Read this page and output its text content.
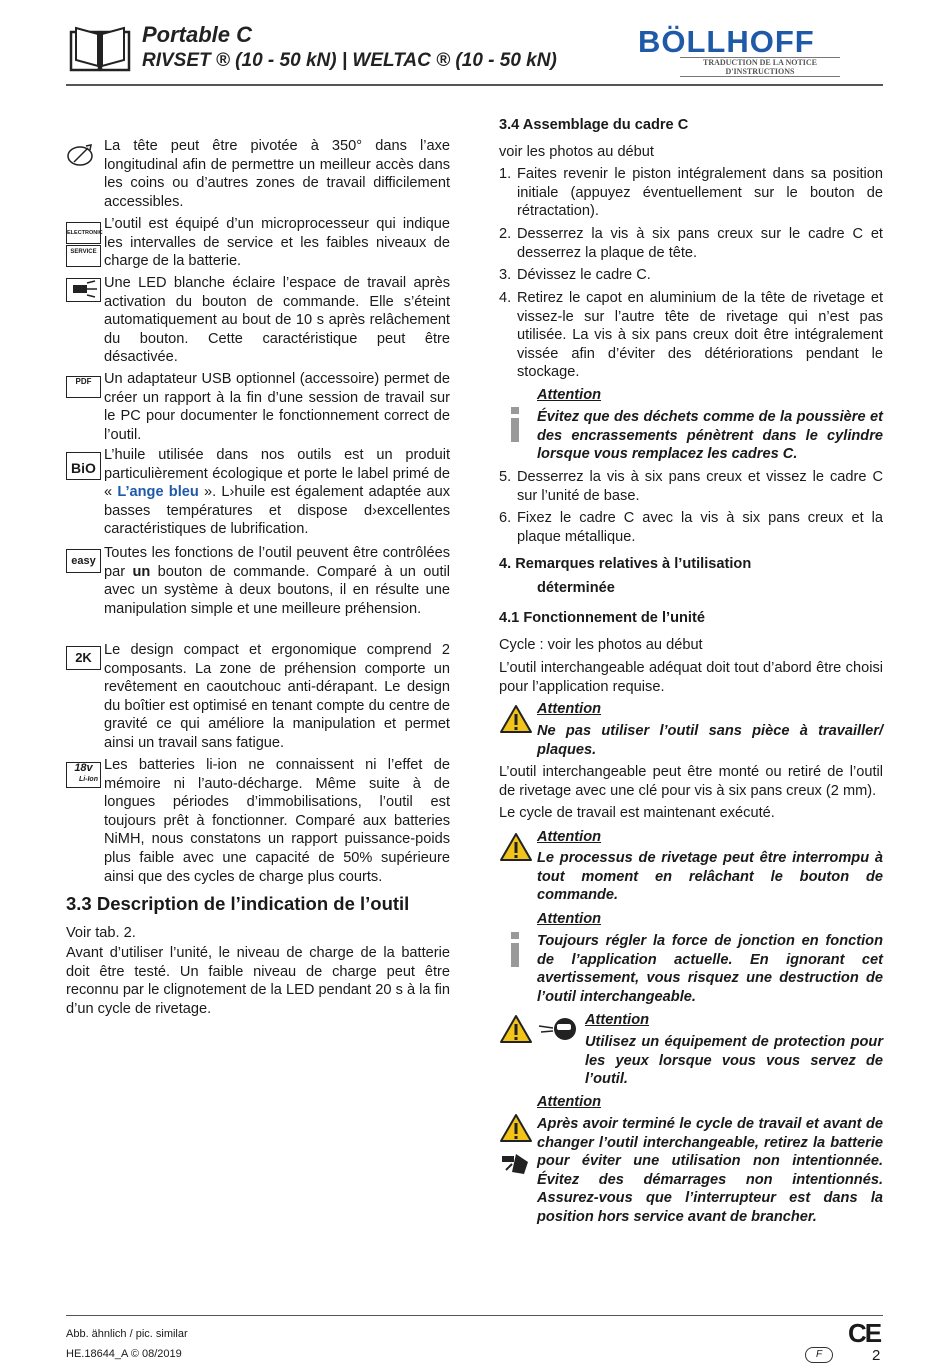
Portable C
RIVSET ® (10 - 50 kN) | WELTAC ® (10 - 50 kN)
BÖLLHOFF
TRADUCTION DE LA NOTICE
D'INSTRUCTIONS
La tête peut être pivotée à 350° dans l’axe longitudinal afin de permettre un meilleur accès dans les coins ou d’autres zones de travail difficilement accessibles.
ELECTRONIC
SERVICE
L’outil est équipé d’un microprocesseur qui indique les intervalles de service et les faibles niveaux de charge de la batterie.
Une LED blanche éclaire l’espace de travail après activation du bouton de commande. Elle s’éteint automatiquement au bout de 10 s après relâchement du bouton. Cette caractéristique peut être désactivée.
PDF Un adaptateur USB optionnel (accessoire) permet de créer un rapport à la fin d’une session de travail sur le PC pour documenter le fonctionnement correct de l’outil.
BiO
L’huile utilisée dans nos outils est un produit particulièrement écologique et porte le label primé de « L’ange bleu ». L›huile est également adaptée aux basses températures et dispose d›excellentes caractéristiques de lubrification.
easy Toutes les fonctions de l’outil peuvent être contrôlées par un bouton de commande. Comparé à un outil avec un système à deux boutons, il en résulte une manipulation simple et une meilleure préhension.
2K Le design compact et ergonomique comprend 2 composants. La zone de préhension comporte un revêtement en caoutchouc anti-dérapant. Le design du boîtier est optimisé en tenant compte du centre de gravité ce qui améliore la manipulation et permet ainsi un travail sans fatigue.
18v
Li-Ion
Les batteries li-ion ne connaissent ni l’effet de mémoire ni l’auto-décharge. Même suite à de longues périodes d’immobilisations, l’outil est toujours prêt à fonctionner. Comparé aux batteries NiMH, nous constatons un rapport puissance-poids plus faible avec une capacité de 50% supérieure ainsi que des cycles de charge plus courts.
3.3 Description de l’indication de l’outil
Voir tab. 2.
Avant d’utiliser l’unité, le niveau de charge de la batterie doit être testé. Un faible niveau de charge peut être reconnu par le clignotement de la LED pendant 20 s à la fin d’un cycle de rivetage.
3.4 Assemblage du cadre C
voir les photos au début
1. Faites revenir le piston intégralement dans sa position initiale (appuyez éventuellement sur le bouton de rétractation).
2. Desserrez la vis à six pans creux sur le cadre C et desserrez la plaque de tête.
3. Dévissez le cadre C.
4. Retirez le capot en aluminium de la tête de rivetage et vissez-le sur l’autre tête de rivetage qui n’est pas utilisée. La vis à six pans creux doit être intégralement vissée afin d’éviter des détériorations pendant le stockage.
Attention
Évitez que des déchets comme de la poussière et des encrassements pénètrent dans le cylindre lorsque vous remplacez les cadres C.
5. Desserrez la vis à six pans creux et vissez le cadre C sur l’unité de base.
6. Fixez le cadre C avec la vis à six pans creux et la plaque métallique.
4. Remarques relatives à l’utilisation
déterminée
4.1 Fonctionnement de l’unité
Cycle : voir les photos au début
L’outil interchangeable adéquat doit tout d’abord être choisi pour l’application requise.
Attention
Ne pas utiliser l’outil sans pièce à travailler/ plaques.
L’outil interchangeable peut être monté ou retiré de l’outil de rivetage avec une clé pour vis à six pans creux (2 mm).
Le cycle de travail est maintenant exécuté.
Attention
Le processus de rivetage peut être interrompu à tout moment en relâchant le bouton de commande.
Attention
Toujours régler la force de jonction en fonction de l’application actuelle. En ignorant cet avertissement, vous risquez une destruction de l’outil interchangeable.
Attention
Utilisez un équipement de protection pour les yeux lorsque vous vous servez de l’outil.
Attention
Après avoir terminé le cycle de travail et avant de changer l’outil interchangeable, retirez la batterie pour éviter une utilisation non intentionnée. Évitez des démarrages non intentionnés. Assurez-vous que l’interrupteur est dans la position hors service avant de brancher.
Abb. ähnlich / pic. similar
HE.18644_A © 08/2019
CE
F	2
